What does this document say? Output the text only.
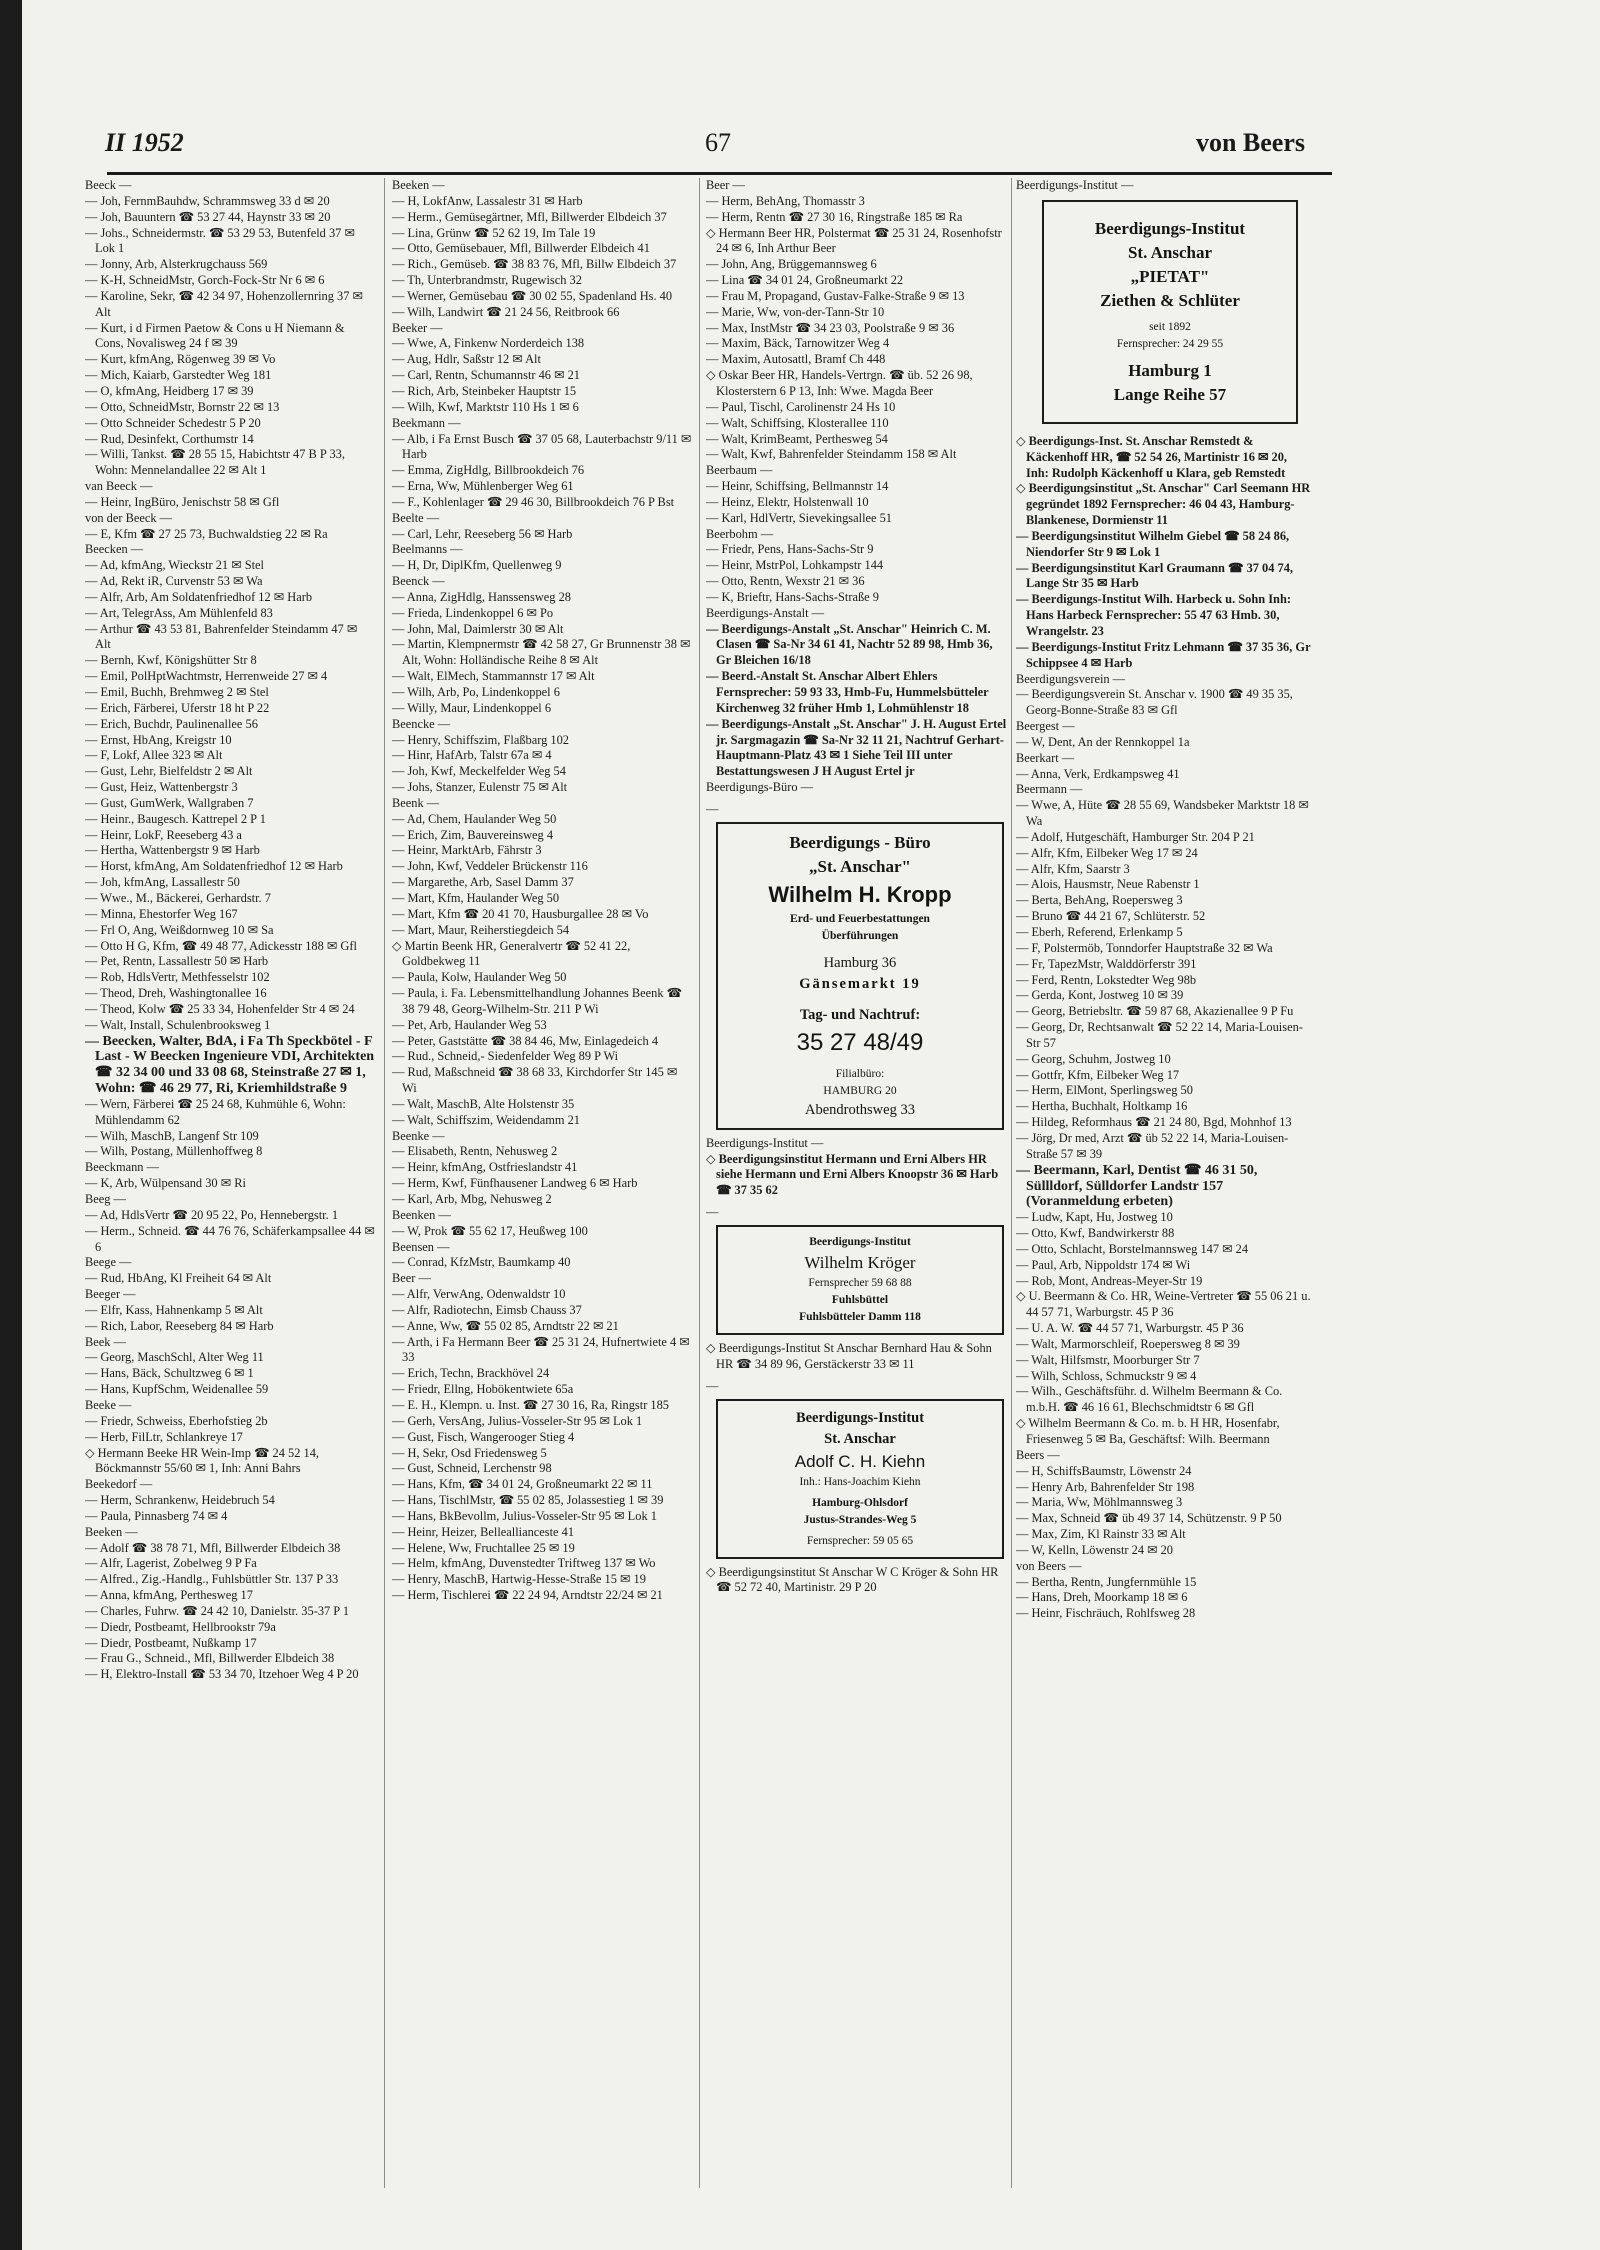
II 1952	67	von Beers

Beeck —

— Joh, FernmBauhdw, Schrammsweg 33 d ✉ 20

— Joh, Bauuntern ☎ 53 27 44, Haynstr 33 ✉ 20

— Johs., Schneidermstr. ☎ 53 29 53, Butenfeld 37 ✉ Lok 1

— Jonny, Arb, Alsterkrugchauss 569

— K-H, SchneidMstr, Gorch-Fock-Str Nr 6 ✉ 6

— Karoline, Sekr, ☎ 42 34 97, Hohenzollernring 37 ✉ Alt

— Kurt, i d Firmen Paetow & Cons u H Niemann & Cons, Novalisweg 24 f ✉ 39

— Kurt, kfmAng, Rögenweg 39 ✉ Vo

— Mich, Kaiarb, Garstedter Weg 181

— O, kfmAng, Heidberg 17 ✉ 39

— Otto, SchneidMstr, Bornstr 22 ✉ 13

— Otto Schneider Schedestr 5 P 20

— Rud, Desinfekt, Corthumstr 14

— Willi, Tankst. ☎ 28 55 15, Habichtstr 47 B P 33, Wohn: Mennelandallee 22 ✉ Alt 1

van Beeck —

— Heinr, IngBüro, Jenischstr 58 ✉ Gfl

von der Beeck —

— E, Kfm ☎ 27 25 73, Buchwaldstieg 22 ✉ Ra

Beecken —

— Ad, kfmAng, Wieckstr 21 ✉ Stel

— Ad, Rekt iR, Curvenstr 53 ✉ Wa

— Alfr, Arb, Am Soldatenfriedhof 12 ✉ Harb

— Art, TelegrAss, Am Mühlenfeld 83

— Arthur ☎ 43 53 81, Bahrenfelder Steindamm 47 ✉ Alt

— Bernh, Kwf, Königshütter Str 8

— Emil, PolHptWachtmstr, Herrenweide 27 ✉ 4

— Emil, Buchh, Brehmweg 2 ✉ Stel

— Erich, Färberei, Uferstr 18 ht P 22

— Erich, Buchdr, Paulinenallee 56

— Ernst, HbAng, Kreigstr 10

— F, Lokf, Allee 323 ✉ Alt

— Gust, Lehr, Bielfeldstr 2 ✉ Alt

— Gust, Heiz, Wattenbergstr 3

— Gust, GumWerk, Wallgraben 7

— Heinr., Baugesch. Kattrepel 2 P 1

— Heinr, LokF, Reeseberg 43 a

— Hertha, Wattenbergstr 9 ✉ Harb

— Horst, kfmAng, Am Soldatenfriedhof 12 ✉ Harb

— Joh, kfmAng, Lassallestr 50

— Wwe., M., Bäckerei, Gerhardstr. 7

— Minna, Ehestorfer Weg 167

— Frl O, Ang, Weißdornweg 10 ✉ Sa

— Otto H G, Kfm, ☎ 49 48 77, Adickesstr 188 ✉ Gfl

— Pet, Rentn, Lassallestr 50 ✉ Harb

— Rob, HdlsVertr, Methfesselstr 102

— Theod, Dreh, Washingtonallee 16

— Theod, Kolw ☎ 25 33 34, Hohenfelder Str 4 ✉ 24

— Walt, Install, Schulenbrooksweg 1

— Beecken, Walter, BdA, i Fa Th Speckbötel - F Last - W Beecken Ingenieure VDI, Architekten ☎ 32 34 00 und 33 08 68, Steinstraße 27 ✉ 1, Wohn: ☎ 46 29 77, Ri, Kriemhildstraße 9

— Wern, Färberei ☎ 25 24 68, Kuhmühle 6, Wohn: Mühlendamm 62

— Wilh, MaschB, Langenf Str 109

— Wilh, Postang, Müllenhoffweg 8

Beeckmann —

— K, Arb, Wülpensand 30 ✉ Ri

Beeg —

— Ad, HdlsVertr ☎ 20 95 22, Po, Hennebergstr. 1

— Herm., Schneid. ☎ 44 76 76, Schäferkampsallee 44 ✉ 6

Beege —

— Rud, HbAng, Kl Freiheit 64 ✉ Alt

Beeger —

— Elfr, Kass, Hahnenkamp 5 ✉ Alt

— Rich, Labor, Reeseberg 84 ✉ Harb

Beek —

— Georg, MaschSchl, Alter Weg 11

— Hans, Bäck, Schultzweg 6 ✉ 1

— Hans, KupfSchm, Weidenallee 59

Beeke —

— Friedr, Schweiss, Eberhofstieg 2b

— Herb, FilLtr, Schlankreye 17

◇ Hermann Beeke HR Wein-Imp ☎ 24 52 14, Böckmannstr 55/60 ✉ 1, Inh: Anni Bahrs

Beekedorf —

— Herm, Schrankenw, Heidebruch 54

— Paula, Pinnasberg 74 ✉ 4

Beeken —

— Adolf ☎ 38 78 71, Mfl, Billwerder Elbdeich 38

— Alfr, Lagerist, Zobelweg 9 P Fa

— Alfred., Zig.-Handlg., Fuhlsbüttler Str. 137 P 33

— Anna, kfmAng, Perthesweg 17

— Charles, Fuhrw. ☎ 24 42 10, Danielstr. 35-37 P 1

— Diedr, Postbeamt, Hellbrookstr 79a

— Diedr, Postbeamt, Nußkamp 17

— Frau G., Schneid., Mfl, Billwerder Elbdeich 38

— H, Elektro-Install ☎ 53 34 70, Itzehoer Weg 4 P 20

Beeken —

— H, LokfAnw, Lassalestr 31 ✉ Harb

— Herm., Gemüsegärtner, Mfl, Billwerder Elbdeich 37

— Lina, Grünw ☎ 52 62 19, Im Tale 19

— Otto, Gemüsebauer, Mfl, Billwerder Elbdeich 41

— Rich., Gemüseb. ☎ 38 83 76, Mfl, Billw Elbdeich 37

— Th, Unterbrandmstr, Rugewisch 32

— Werner, Gemüsebau ☎ 30 02 55, Spadenland Hs. 40

— Wilh, Landwirt ☎ 21 24 56, Reitbrook 66

Beeker —

— Wwe, A, Finkenw Norderdeich 138

— Aug, Hdlr, Saßstr 12 ✉ Alt

— Carl, Rentn, Schumannstr 46 ✉ 21

— Rich, Arb, Steinbeker Hauptstr 15

— Wilh, Kwf, Marktstr 110 Hs 1 ✉ 6

Beekmann —

— Alb, i Fa Ernst Busch ☎ 37 05 68, Lauterbachstr 9/11 ✉ Harb

— Emma, ZigHdlg, Billbrookdeich 76

— Erna, Ww, Mühlenberger Weg 61

— F., Kohlenlager ☎ 29 46 30, Billbrookdeich 76 P Bst

Beelte —

— Carl, Lehr, Reeseberg 56 ✉ Harb

Beelmanns —

— H, Dr, DiplKfm, Quellenweg 9

Beenck —

— Anna, ZigHdlg, Hanssensweg 28

— Frieda, Lindenkoppel 6 ✉ Po

— John, Mal, Daimlerstr 30 ✉ Alt

— Martin, Klempnermstr ☎ 42 58 27, Gr Brunnenstr 38 ✉ Alt, Wohn: Holländische Reihe 8 ✉ Alt

— Walt, ElMech, Stammannstr 17 ✉ Alt

— Wilh, Arb, Po, Lindenkoppel 6

— Willy, Maur, Lindenkoppel 6

Beencke —

— Henry, Schiffszim, Flaßbarg 102

— Hinr, HafArb, Talstr 67a ✉ 4

— Joh, Kwf, Meckelfelder Weg 54

— Johs, Stanzer, Eulenstr 75 ✉ Alt

Beenk —

— Ad, Chem, Haulander Weg 50

— Erich, Zim, Bauvereinsweg 4

— Heinr, MarktArb, Fährstr 3

— John, Kwf, Veddeler Brückenstr 116

— Margarethe, Arb, Sasel Damm 37

— Mart, Kfm, Haulander Weg 50

— Mart, Kfm ☎ 20 41 70, Hausburgallee 28 ✉ Vo

— Mart, Maur, Reiherstiegdeich 54

◇ Martin Beenk HR, Generalvertr ☎ 52 41 22, Goldbekweg 11

— Paula, Kolw, Haulander Weg 50

— Paula, i. Fa. Lebensmittelhandlung Johannes Beenk ☎ 38 79 48, Georg-Wilhelm-Str. 211 P Wi

— Pet, Arb, Haulander Weg 53

— Peter, Gaststätte ☎ 38 84 46, Mw, Einlagedeich 4

— Rud., Schneid,- Siedenfelder Weg 89 P Wi

— Rud, Maßschneid ☎ 38 68 33, Kirchdorfer Str 145 ✉ Wi

— Walt, MaschB, Alte Holstenstr 35

— Walt, Schiffszim, Weidendamm 21

Beenke —

— Elisabeth, Rentn, Nehusweg 2

— Heinr, kfmAng, Ostfrieslandstr 41

— Herm, Kwf, Fünfhausener Landweg 6 ✉ Harb

— Karl, Arb, Mbg, Nehusweg 2

Beenken —

— W, Prok ☎ 55 62 17, Heußweg 100

Beensen —

— Conrad, KfzMstr, Baumkamp 40

Beer —

— Alfr, VerwAng, Odenwaldstr 10

— Alfr, Radiotechn, Eimsb Chauss 37

— Anne, Ww, ☎ 55 02 85, Arndtstr 22 ✉ 21

— Arth, i Fa Hermann Beer ☎ 25 31 24, Hufnertwiete 4 ✉ 33

— Erich, Techn, Brackhövel 24

— Friedr, Ellng, Hobökentwiete 65a

— E. H., Klempn. u. Inst. ☎ 27 30 16, Ra, Ringstr 185

— Gerh, VersAng, Julius-Vosseler-Str 95 ✉ Lok 1

— Gust, Fisch, Wangerooger Stieg 4

— H, Sekr, Osd Friedensweg 5

— Gust, Schneid, Lerchenstr 98

— Hans, Kfm, ☎ 34 01 24, Großneumarkt 22 ✉ 11

— Hans, TischlMstr, ☎ 55 02 85, Jolassestieg 1 ✉ 39

— Hans, BkBevollm, Julius-Vosseler-Str 95 ✉ Lok 1

— Heinr, Heizer, Belleallianceste 41

— Helene, Ww, Fruchtallee 25 ✉ 19

— Helm, kfmAng, Duvenstedter Triftweg 137 ✉ Wo

— Henry, MaschB, Hartwig-Hesse-Straße 15 ✉ 19

— Herm, Tischlerei ☎ 22 24 94, Arndtstr 22/24 ✉ 21

Beer —

— Herm, BehAng, Thomasstr 3

— Herm, Rentn ☎ 27 30 16, Ringstraße 185 ✉ Ra

◇ Hermann Beer HR, Polstermat ☎ 25 31 24, Rosenhofstr 24 ✉ 6, Inh Arthur Beer

— John, Ang, Brüggemannsweg 6

— Lina ☎ 34 01 24, Großneumarkt 22

— Frau M, Propagand, Gustav-Falke-Straße 9 ✉ 13

— Marie, Ww, von-der-Tann-Str 10

— Max, InstMstr ☎ 34 23 03, Poolstraße 9 ✉ 36

— Maxim, Bäck, Tarnowitzer Weg 4

— Maxim, Autosattl, Bramf Ch 448

◇ Oskar Beer HR, Handels-Vertrgn. ☎ üb. 52 26 98, Klosterstern 6 P 13, Inh: Wwe. Magda Beer

— Paul, Tischl, Carolinenstr 24 Hs 10

— Walt, Schiffsing, Klosterallee 110

— Walt, KrimBeamt, Perthesweg 54

— Walt, Kwf, Bahrenfelder Steindamm 158 ✉ Alt

Beerbaum —

— Heinr, Schiffsing, Bellmannstr 14

— Heinz, Elektr, Holstenwall 10

— Karl, HdlVertr, Sievekingsallee 51

Beerbohm —

— Friedr, Pens, Hans-Sachs-Str 9

— Heinr, MstrPol, Lohkampstr 144

— Otto, Rentn, Wexstr 21 ✉ 36

— K, Brieftr, Hans-Sachs-Straße 9

Beerdigungs-Anstalt —

— Beerdigungs-Anstalt „St. Anschar" Heinrich C. M. Clasen ☎ Sa-Nr 34 61 41, Nachtr 52 89 98, Hmb 36, Gr Bleichen 16/18

— Beerd.-Anstalt St. Anschar Albert Ehlers Fernsprecher: 59 93 33, Hmb-Fu, Hummelsbütteler Kirchenweg 32 früher Hmb 1, Lohmühlenstr 18

— Beerdigungs-Anstalt „St. Anschar" J. H. August Ertel jr. Sargmagazin ☎ Sa-Nr 32 11 21, Nachtruf Gerhart-Hauptmann-Platz 43 ✉ 1 Siehe Teil III unter Bestattungswesen J H August Ertel jr

Beerdigungs-Büro —

—
Beerdigungs - Büro
„St. Anschar"
Wilhelm H. Kropp
Erd- und Feuerbestattungen
Überführungen
Hamburg 36
Gänsemarkt 19
Tag- und Nachtruf:
35 27 48/49
Filialbüro:
HAMBURG 20
Abendrothsweg 33

Beerdigungs-Institut —

◇ Beerdigungsinstitut Hermann und Erni Albers HR siehe Hermann und Erni Albers Knoopstr 36 ✉ Harb ☎ 37 35 62

—
Beerdigungs-Institut
Wilhelm Kröger
Fernsprecher 59 68 88
Fuhlsbüttel
Fuhlsbütteler Damm 118

◇ Beerdigungs-Institut St Anschar Bernhard Hau & Sohn HR ☎ 34 89 96, Gerstäckerstr 33 ✉ 11

—
Beerdigungs-Institut
St. Anschar
Adolf C. H. Kiehn
Inh.: Hans-Joachim Kiehn
Hamburg-Ohlsdorf
Justus-Strandes-Weg 5
Fernsprecher: 59 05 65

◇ Beerdigungsinstitut St Anschar W C Kröger & Sohn HR ☎ 52 72 40, Martinistr. 29 P 20

Beerdigungs-Institut —

Beerdigungs-Institut
St. Anschar
„PIETAT"
Ziethen & Schlüter
seit 1892
Fernsprecher: 24 29 55
Hamburg 1
Lange Reihe 57

◇ Beerdigungs-Inst. St. Anschar Remstedt & Käckenhoff HR, ☎ 52 54 26, Martinistr 16 ✉ 20, Inh: Rudolph Käckenhoff u Klara, geb Remstedt

◇ Beerdigungsinstitut „St. Anschar" Carl Seemann HR gegründet 1892 Fernsprecher: 46 04 43, Hamburg-Blankenese, Dormienstr 11

— Beerdigungsinstitut Wilhelm Giebel ☎ 58 24 86, Niendorfer Str 9 ✉ Lok 1

— Beerdigungsinstitut Karl Graumann ☎ 37 04 74, Lange Str 35 ✉ Harb

— Beerdigungs-Institut Wilh. Harbeck u. Sohn Inh: Hans Harbeck Fernsprecher: 55 47 63 Hmb. 30, Wrangelstr. 23

— Beerdigungs-Institut Fritz Lehmann ☎ 37 35 36, Gr Schippsee 4 ✉ Harb

Beerdigungsverein —

— Beerdigungsverein St. Anschar v. 1900 ☎ 49 35 35, Georg-Bonne-Straße 83 ✉ Gfl

Beergest —

— W, Dent, An der Rennkoppel 1a

Beerkart —

— Anna, Verk, Erdkampsweg 41

Beermann —

— Wwe, A, Hüte ☎ 28 55 69, Wandsbeker Marktstr 18 ✉ Wa

— Adolf, Hutgeschäft, Hamburger Str. 204 P 21

— Alfr, Kfm, Eilbeker Weg 17 ✉ 24

— Alfr, Kfm, Saarstr 3

— Alois, Hausmstr, Neue Rabenstr 1

— Berta, BehAng, Roepersweg 3

— Bruno ☎ 44 21 67, Schlüterstr. 52

— Eberh, Referend, Erlenkamp 5

— F, Polstermöb, Tonndorfer Hauptstraße 32 ✉ Wa

— Fr, TapezMstr, Walddörferstr 391

— Ferd, Rentn, Lokstedter Weg 98b

— Gerda, Kont, Jostweg 10 ✉ 39

— Georg, Betriebsltr. ☎ 59 87 68, Akazienallee 9 P Fu

— Georg, Dr, Rechtsanwalt ☎ 52 22 14, Maria-Louisen-Str 57

— Georg, Schuhm, Jostweg 10

— Gottfr, Kfm, Eilbeker Weg 17

— Herm, ElMont, Sperlingsweg 50

— Hertha, Buchhalt, Holtkamp 16

— Hildeg, Reformhaus ☎ 21 24 80, Bgd, Mohnhof 13

— Jörg, Dr med, Arzt ☎ üb 52 22 14, Maria-Louisen-Straße 57 ✉ 39

— Beermann, Karl, Dentist ☎ 46 31 50, Süllldorf, Sülldorfer Landstr 157 (Voranmeldung erbeten)

— Ludw, Kapt, Hu, Jostweg 10

— Otto, Kwf, Bandwirkerstr 88

— Otto, Schlacht, Borstelmannsweg 147 ✉ 24

— Paul, Arb, Nippoldstr 174 ✉ Wi

— Rob, Mont, Andreas-Meyer-Str 19

◇ U. Beermann & Co. HR, Weine-Vertreter ☎ 55 06 21 u. 44 57 71, Warburgstr. 45 P 36

— U. A. W. ☎ 44 57 71, Warburgstr. 45 P 36

— Walt, Marmorschleif, Roepersweg 8 ✉ 39

— Walt, Hilfsmstr, Moorburger Str 7

— Wilh, Schloss, Schmuckstr 9 ✉ 4

— Wilh., Geschäftsführ. d. Wilhelm Beermann & Co. m.b.H. ☎ 46 16 61, Blechschmidtstr 6 ✉ Gfl

◇ Wilhelm Beermann & Co. m. b. H HR, Hosenfabr, Friesenweg 5 ✉ Ba, Geschäftsf: Wilh. Beermann

Beers —

— H, SchiffsBaumstr, Löwenstr 24

— Henry Arb, Bahrenfelder Str 198

— Maria, Ww, Möhlmannsweg 3

— Max, Schneid ☎ üb 49 37 14, Schützenstr. 9 P 50

— Max, Zim, Kl Rainstr 33 ✉ Alt

— W, Kelln, Löwenstr 24 ✉ 20

von Beers —

— Bertha, Rentn, Jungfernmühle 15

— Hans, Dreh, Moorkamp 18 ✉ 6

— Heinr, Fischräuch, Rohlfsweg 28
